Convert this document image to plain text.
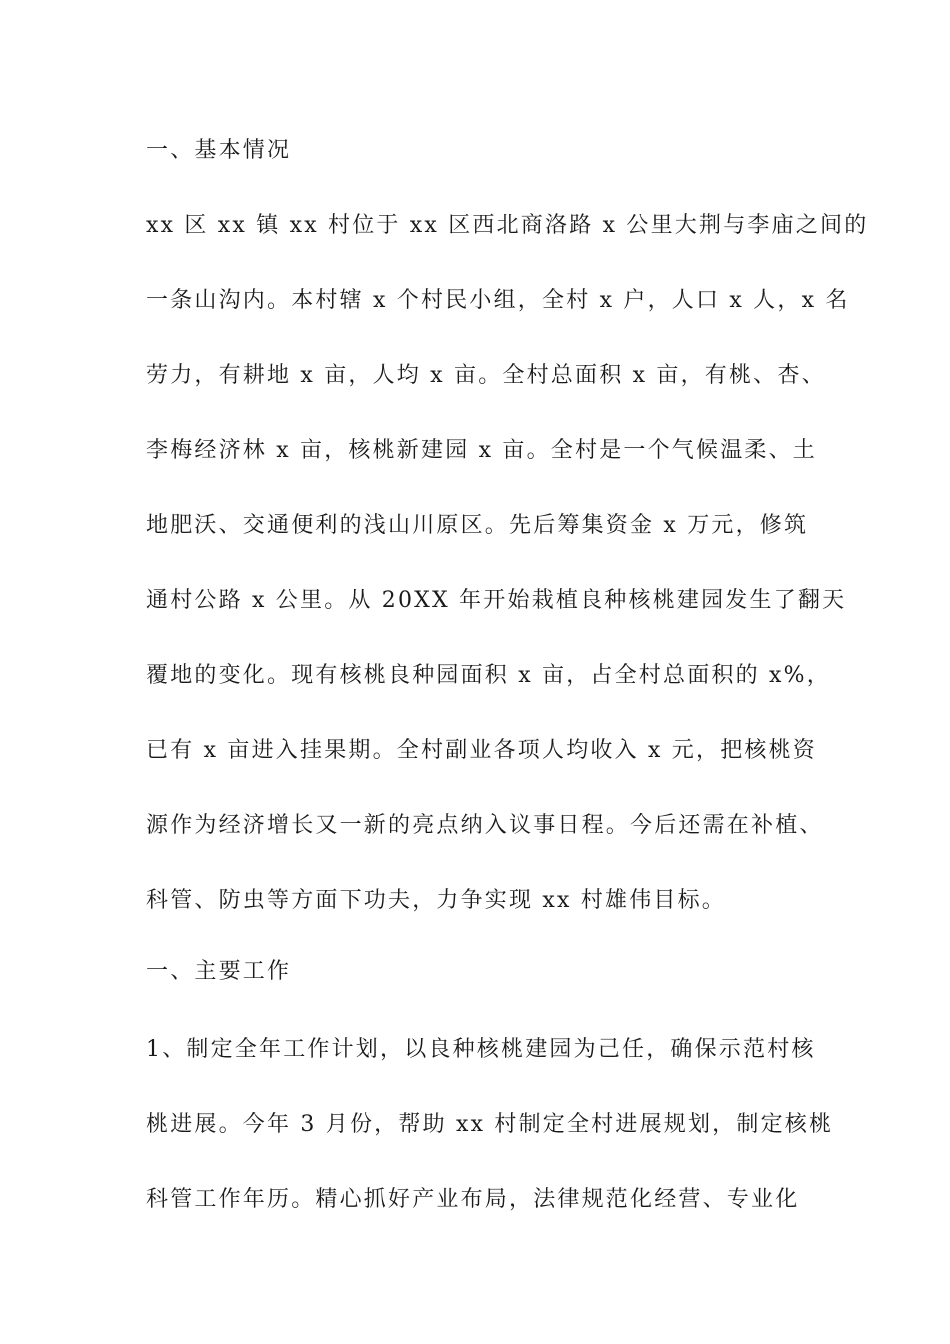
一、基本情况
xx 区 xx 镇 xx 村位于 xx 区西北商洛路 x 公里大荆与李庙之间的
一条山沟内。本村辖 x 个村民小组，全村 x 户，人口 x 人，x 名
劳力，有耕地 x 亩，人均 x 亩。全村总面积 x 亩，有桃、杏、
李梅经济林 x 亩，核桃新建园 x 亩。全村是一个气候温柔、土
地肥沃、交通便利的浅山川原区。先后筹集资金 x 万元，修筑
通村公路 x 公里。从 20XX 年开始栽植良种核桃建园发生了翻天
覆地的变化。现有核桃良种园面积 x 亩，占全村总面积的 x%，
已有 x 亩进入挂果期。全村副业各项人均收入 x 元，把核桃资
源作为经济增长又一新的亮点纳入议事日程。今后还需在补植、
科管、防虫等方面下功夫，力争实现 xx 村雄伟目标。
一、主要工作
1、制定全年工作计划，以良种核桃建园为己任，确保示范村核
桃进展。今年 3 月份，帮助 xx 村制定全村进展规划，制定核桃
科管工作年历。精心抓好产业布局，法律规范化经营、专业化
